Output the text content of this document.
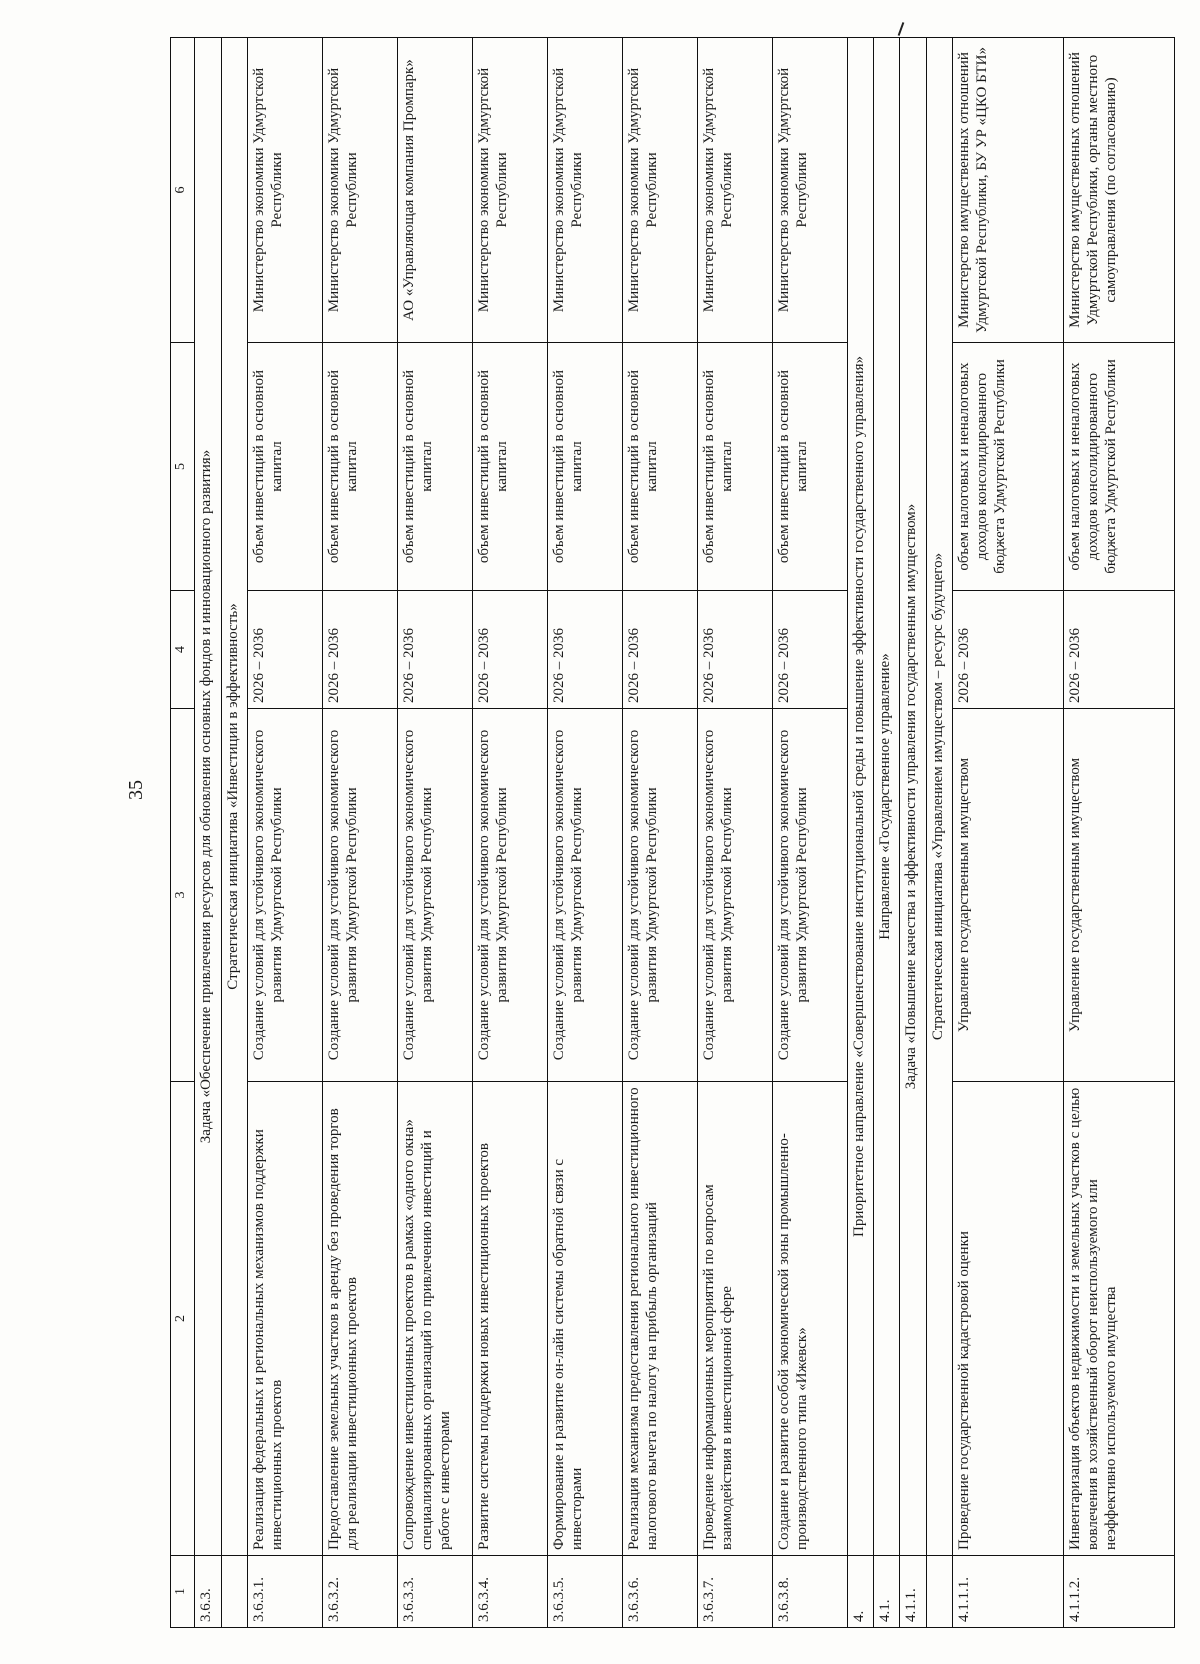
35
1	2	3	4	5	6
3.6.3.	Задача «Обеспечение привлечения ресурсов для обновления основных фондов и инновационного развития»				
	Стратегическая инициатива «Инвестиции в эффективность»				
3.6.3.1.	Реализация федеральных и региональных механизмов поддержки инвестиционных проектов	Создание условий для устойчивого экономического развития Удмуртской Республики	2026 – 2036	объем инвестиций в основной капитал	Министерство экономики Удмуртской Республики
3.6.3.2.	Предоставление земельных участков в аренду без проведения торгов для реализации инвестиционных проектов	Создание условий для устойчивого экономического развития Удмуртской Республики	2026 – 2036	объем инвестиций в основной капитал	Министерство экономики Удмуртской Республики
3.6.3.3.	Сопровождение инвестиционных проектов в рамках «одного окна» специализированных организаций по привлечению инвестиций и работе с инвесторами	Создание условий для устойчивого экономического развития Удмуртской Республики	2026 – 2036	объем инвестиций в основной капитал	АО «Управляющая компания Промпарк»
3.6.3.4.	Развитие системы поддержки новых инвестиционных проектов	Создание условий для устойчивого экономического развития Удмуртской Республики	2026 – 2036	объем инвестиций в основной капитал	Министерство экономики Удмуртской Республики
3.6.3.5.	Формирование и развитие он-лайн системы обратной связи с инвесторами	Создание условий для устойчивого экономического развития Удмуртской Республики	2026 – 2036	объем инвестиций в основной капитал	Министерство экономики Удмуртской Республики
3.6.3.6.	Реализация механизма предоставления регионального инвестиционного налогового вычета по налогу на прибыль организаций	Создание условий для устойчивого экономического развития Удмуртской Республики	2026 – 2036	объем инвестиций в основной капитал	Министерство экономики Удмуртской Республики
3.6.3.7.	Проведение информационных мероприятий по вопросам взаимодействия в инвестиционной сфере	Создание условий для устойчивого экономического развития Удмуртской Республики	2026 – 2036	объем инвестиций в основной капитал	Министерство экономики Удмуртской Республики
3.6.3.8.	Создание и развитие особой экономической зоны промышленно-производственного типа «Ижевск»	Создание условий для устойчивого экономического развития Удмуртской Республики	2026 – 2036	объем инвестиций в основной капитал	Министерство экономики Удмуртской Республики
4.	Приоритетное направление «Совершенствование институциональной среды и повышение эффективности государственного управления»				
4.1.	Направление «Государственное управление»				
4.1.1.	Задача «Повышение качества и эффективности управления государственным имуществом»				
	Стратегическая инициатива «Управлением имуществом – ресурс будущего»				
4.1.1.1.	Проведение государственной кадастровой оценки	Управление государственным имуществом	2026 – 2036	объем налоговых и неналоговых доходов консолидированного бюджета Удмуртской Республики	Министерство имущественных отношений Удмуртской Республики, БУ УР «ЦКО БТИ»
4.1.1.2.	Инвентаризация объектов недвижимости и земельных участков с целью вовлечения в хозяйственный оборот неиспользуемого или неэффективно используемого имущества	Управление государственным имуществом	2026 – 2036	объем налоговых и неналоговых доходов консолидированного бюджета Удмуртской Республики	Министерство имущественных отношений Удмуртской Республики, органы местного самоуправления (по согласованию)
